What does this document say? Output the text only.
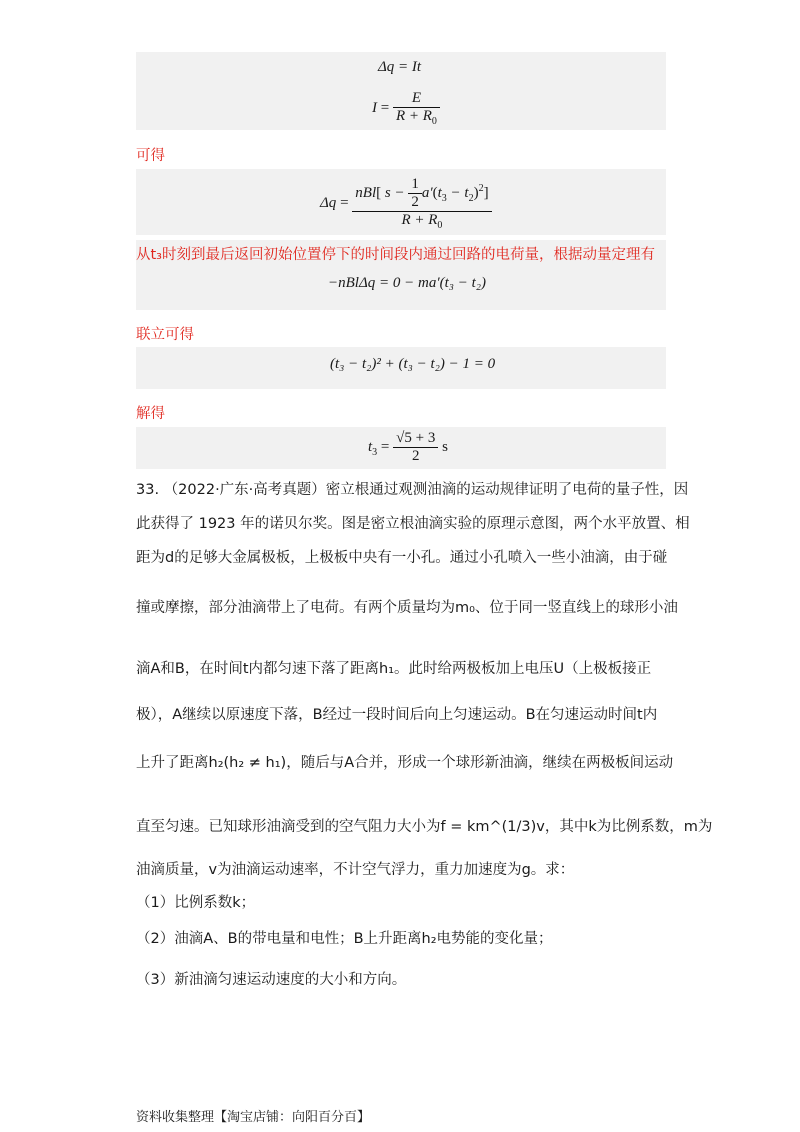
Δq = It
$I = \frac{E}{R + R_0}$
可得
$\Delta q = \frac{nBl[ s - \frac{1}{2} a'(t_3 - t_2)^2]}{R + R_0}$
从t₃时刻到最后返回初始位置停下的时间段内通过回路的电荷量，根据动量定理有
−nBlΔq = 0 − ma′(t₃ − t₂)
联立可得
(t₃ − t₂)² + (t₃ − t₂) − 1 = 0
解得
$t_3 = \frac{√5 + 3}{2}$ s
33. （2022·广东·高考真题）密立根通过观测油滴的运动规律证明了电荷的量子性，因
此获得了 1923 年的诺贝尔奖。图是密立根油滴实验的原理示意图，两个水平放置、相
距为d的足够大金属极板，上极板中央有一小孔。通过小孔喷入一些小油滴，由于碰
撞或摩擦，部分油滴带上了电荷。有两个质量均为m₀、位于同一竖直线上的球形小油
滴A和B，在时间t内都匀速下落了距离h₁。此时给两极板加上电压U（上极板接正
极），A继续以原速度下落，B经过一段时间后向上匀速运动。B在匀速运动时间t内
上升了距离h₂(h₂ ≠ h₁)，随后与A合并，形成一个球形新油滴，继续在两极板间运动
直至匀速。已知球形油滴受到的空气阻力大小为f = km^(1/3)v，其中k为比例系数，m为
油滴质量，v为油滴运动速率，不计空气浮力，重力加速度为g。求：
（1）比例系数k；
（2）油滴A、B的带电量和电性；B上升距离h₂电势能的变化量；
（3）新油滴匀速运动速度的大小和方向。
资料收集整理【淘宝店铺：向阳百分百】
